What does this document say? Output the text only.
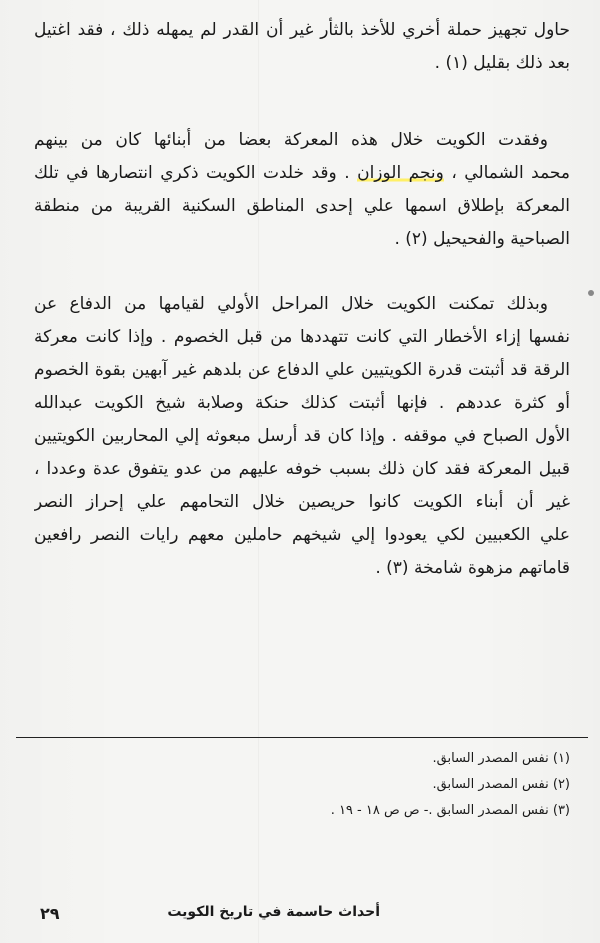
حاول تجهيز حملة أخري للأخذ بالثأر غير أن القدر لم يمهله ذلك ، فقد اغتيل
بعد ذلك بقليل (١) .
وفقدت الكويت خلال هذه المعركة بعضا من أبنائها كان من بينهم
محمد الشمالي ، ونجم الوزان . وقد خلدت الكويت ذكري انتصارها في تلك
المعركة بإطلاق اسمها علي إحدى المناطق السكنية القريبة من منطقة
الصباحية والفحيحيل (٢) .
وبذلك تمكنت الكويت خلال المراحل الأولي لقيامها من الدفاع عن
نفسها إزاء الأخطار التي كانت تتهددها من قبل الخصوم . وإذا كانت معركة
الرقة قد أثبتت قدرة الكويتيين علي الدفاع عن بلدهم غير آبهين بقوة الخصوم
أو كثرة عددهم . فإنها أثبتت كذلك حنكة وصلابة شيخ الكويت عبدالله
الأول الصباح في موقفه . وإذا كان قد أرسل مبعوثه إلي المحاربين الكويتيين
قبيل المعركة فقد كان ذلك بسبب خوفه عليهم من عدو يتفوق عدة وعددا ،
غير أن أبناء الكويت كانوا حريصين خلال التحامهم علي إحراز النصر
علي الكعبيين لكي يعودوا إلي شيخهم حاملين معهم رايات النصر رافعين
قاماتهم مزهوة شامخة (٣) .
(١) نفس المصدر السابق.
(٢) نفس المصدر السابق.
(٣) نفس المصدر السابق .- ص ص ١٨ - ١٩ .
أحداث حاسمة في تاريخ الكويت
٢٩
